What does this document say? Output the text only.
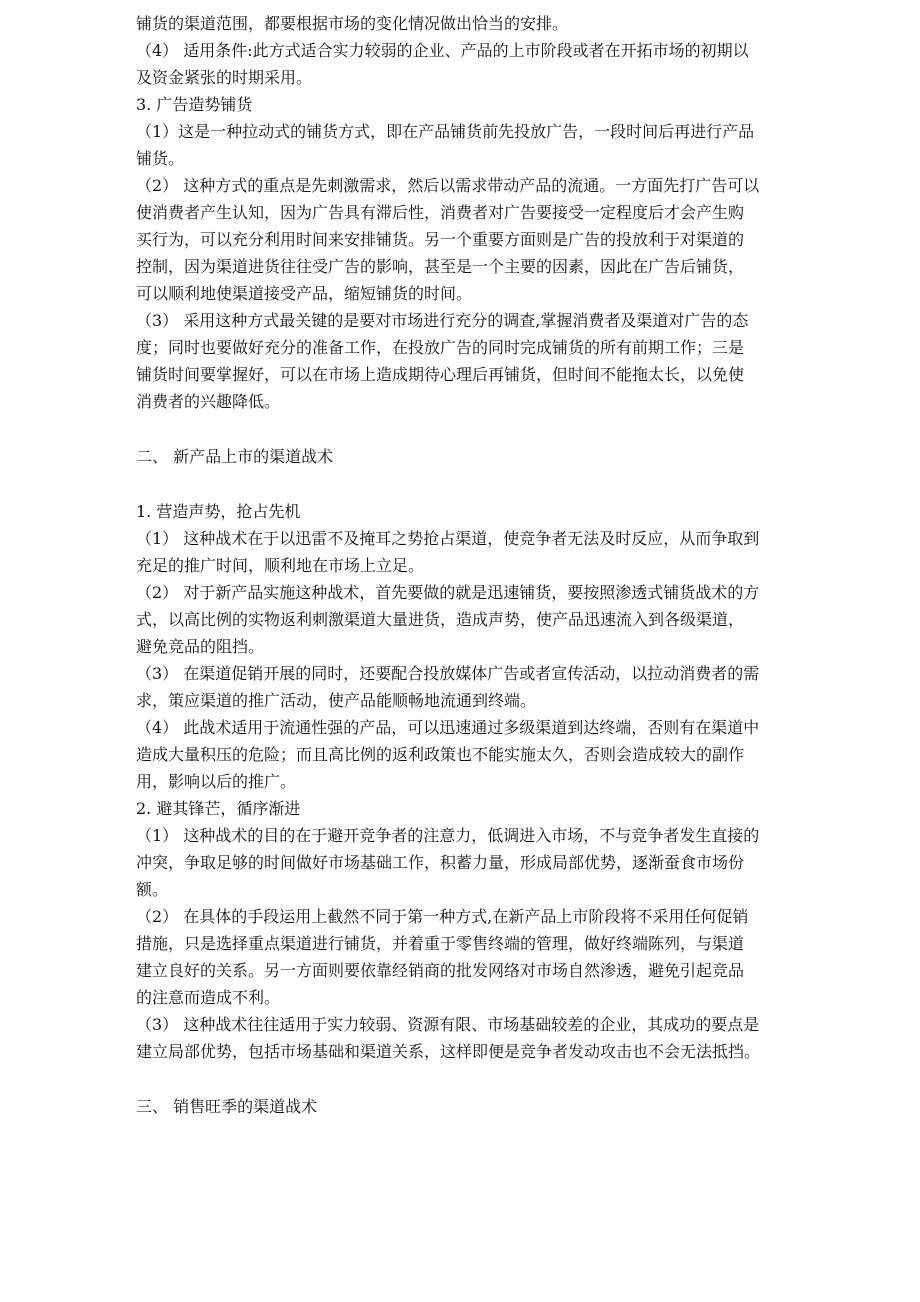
铺货的渠道范围，都要根据市场的变化情况做出恰当的安排。
（4） 适用条件:此方式适合实力较弱的企业、产品的上市阶段或者在开拓市场的初期以
及资金紧张的时期采用。
3. 广告造势铺货
（1）这是一种拉动式的铺货方式，即在产品铺货前先投放广告，一段时间后再进行产品
铺货。
（2） 这种方式的重点是先刺激需求，然后以需求带动产品的流通。一方面先打广告可以
使消费者产生认知，因为广告具有滞后性，消费者对广告要接受一定程度后才会产生购
买行为，可以充分利用时间来安排铺货。另一个重要方面则是广告的投放利于对渠道的
控制，因为渠道进货往往受广告的影响，甚至是一个主要的因素，因此在广告后铺货，
可以顺利地使渠道接受产品，缩短铺货的时间。
（3） 采用这种方式最关键的是要对市场进行充分的调查,掌握消费者及渠道对广告的态
度；同时也要做好充分的准备工作，在投放广告的同时完成铺货的所有前期工作；三是
铺货时间要掌握好，可以在市场上造成期待心理后再铺货，但时间不能拖太长，以免使
消费者的兴趣降低。
二、 新产品上市的渠道战术
1. 营造声势，抢占先机
（1） 这种战术在于以迅雷不及掩耳之势抢占渠道，使竞争者无法及时反应，从而争取到
充足的推广时间，顺利地在市场上立足。
（2） 对于新产品实施这种战术，首先要做的就是迅速铺货，要按照渗透式铺货战术的方
式，以高比例的实物返利刺激渠道大量进货，造成声势，使产品迅速流入到各级渠道，
避免竞品的阻挡。
（3） 在渠道促销开展的同时，还要配合投放媒体广告或者宣传活动，以拉动消费者的需
求，策应渠道的推广活动，使产品能顺畅地流通到终端。
（4） 此战术适用于流通性强的产品，可以迅速通过多级渠道到达终端，否则有在渠道中
造成大量积压的危险；而且高比例的返利政策也不能实施太久，否则会造成较大的副作
用，影响以后的推广。
2. 避其锋芒，循序渐进
（1） 这种战术的目的在于避开竞争者的注意力，低调进入市场，不与竞争者发生直接的
冲突，争取足够的时间做好市场基础工作，积蓄力量，形成局部优势，逐渐蚕食市场份
额。
（2） 在具体的手段运用上截然不同于第一种方式,在新产品上市阶段将不采用任何促销
措施，只是选择重点渠道进行铺货，并着重于零售终端的管理，做好终端陈列，与渠道
建立良好的关系。另一方面则要依靠经销商的批发网络对市场自然渗透，避免引起竞品
的注意而造成不利。
（3） 这种战术往往适用于实力较弱、资源有限、市场基础较差的企业，其成功的要点是
建立局部优势，包括市场基础和渠道关系，这样即便是竞争者发动攻击也不会无法抵挡。
三、 销售旺季的渠道战术
